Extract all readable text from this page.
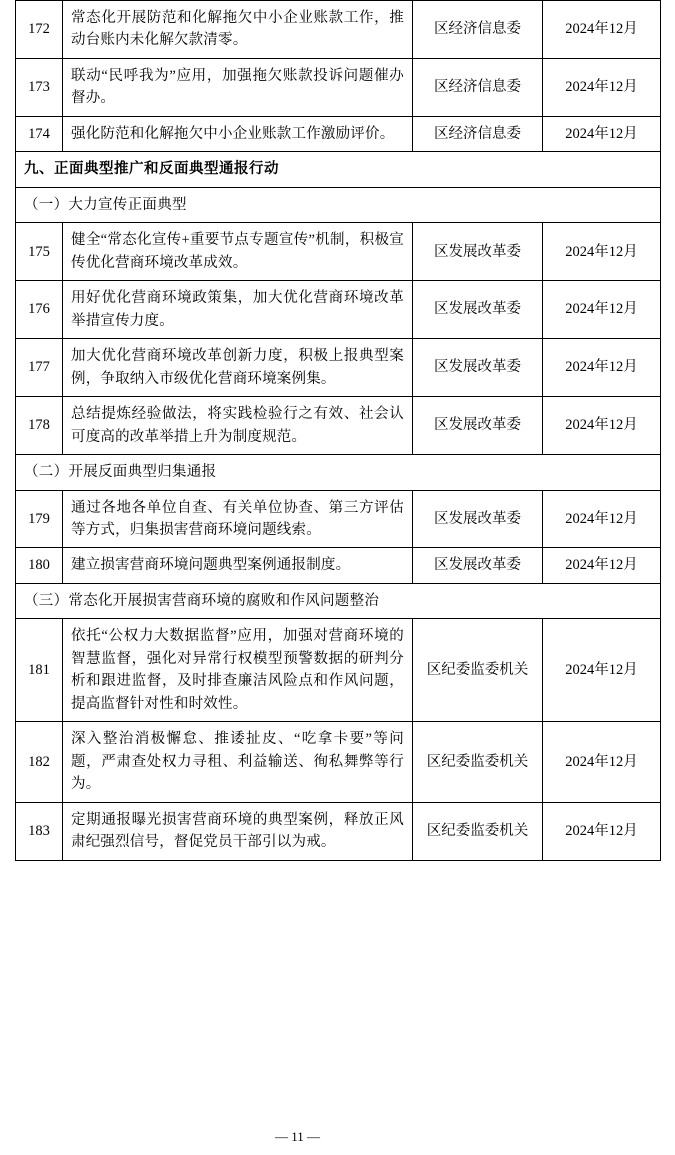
172	常态化开展防范和化解拖欠中小企业账款工作，推动台账内未化解欠款清零。	区经济信息委	2024年12月
173	联动“民呼我为”应用，加强拖欠账款投诉问题催办督办。	区经济信息委	2024年12月
174	强化防范和化解拖欠中小企业账款工作激励评价。	区经济信息委	2024年12月
九、正面典型推广和反面典型通报行动			
（一）大力宣传正面典型			
175	健全“常态化宣传+重要节点专题宣传”机制，积极宣传优化营商环境改革成效。	区发展改革委	2024年12月
176	用好优化营商环境政策集，加大优化营商环境改革举措宣传力度。	区发展改革委	2024年12月
177	加大优化营商环境改革创新力度，积极上报典型案例，争取纳入市级优化营商环境案例集。	区发展改革委	2024年12月
178	总结提炼经验做法，将实践检验行之有效、社会认可度高的改革举措上升为制度规范。	区发展改革委	2024年12月
（二）开展反面典型归集通报			
179	通过各地各单位自查、有关单位协查、第三方评估等方式，归集损害营商环境问题线索。	区发展改革委	2024年12月
180	建立损害营商环境问题典型案例通报制度。	区发展改革委	2024年12月
（三）常态化开展损害营商环境的腐败和作风问题整治			
181	依托“公权力大数据监督”应用，加强对营商环境的智慧监督，强化对异常行权模型预警数据的研判分析和跟进监督，及时排查廉洁风险点和作风问题，提高监督针对性和时效性。	区纪委监委机关	2024年12月
182	深入整治消极懈怠、推诿扯皮、“吃拿卡要”等问题，严肃查处权力寻租、利益输送、徇私舞弊等行为。	区纪委监委机关	2024年12月
183	定期通报曝光损害营商环境的典型案例，释放正风肃纪强烈信号，督促党员干部引以为戒。	区纪委监委机关	2024年12月
— 11 —
